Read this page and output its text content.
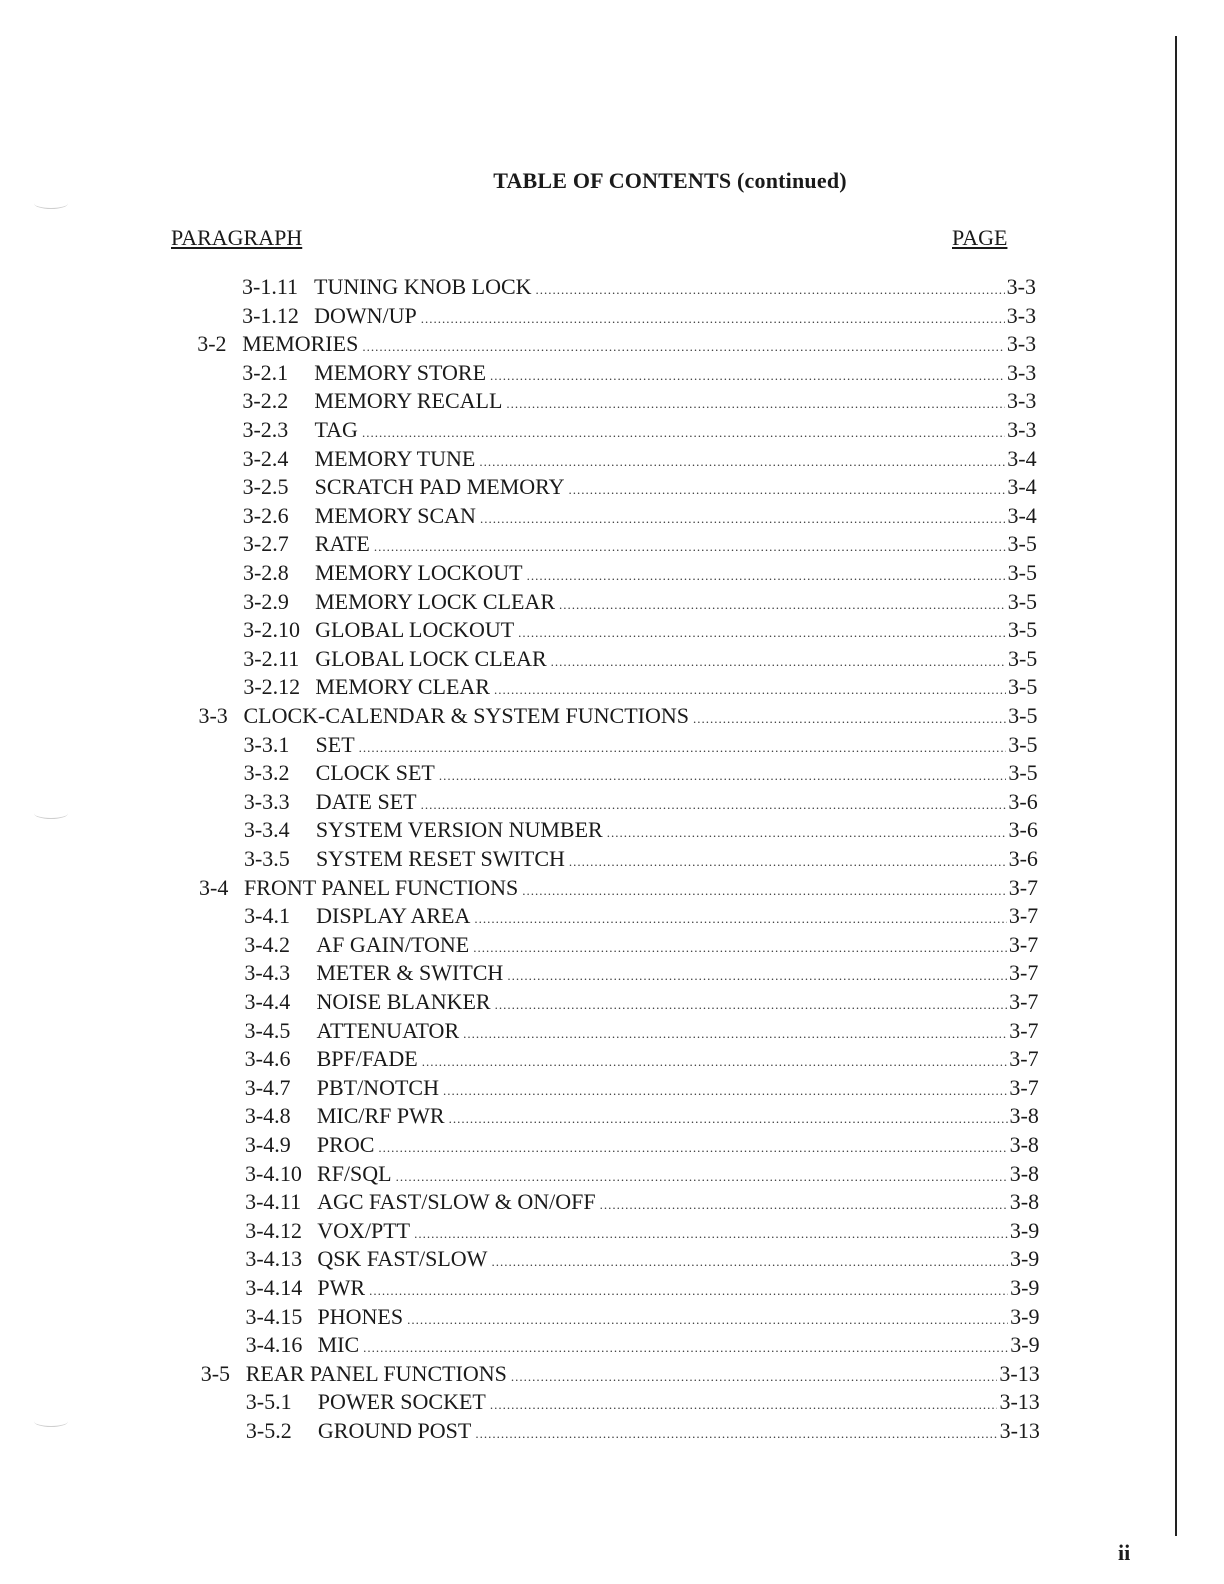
TABLE OF CONTENTS (continued)
PARAGRAPH	PAGE
3-1.11 TUNING KNOB LOCK .....	3-3
3-1.12 DOWN/UP .....	3-3
3-2 MEMORIES .....	3-3
3-2.1	MEMORY STORE .....	3-3
3-2.2	MEMORY RECALL .....	3-3
3-2.3	TAG .....	3-3
3-2.4	MEMORY TUNE .....	3-4
3-2.5	SCRATCH PAD MEMORY .....	3-4
3-2.6	MEMORY SCAN .....	3-4
3-2.7	RATE .....	3-5
3-2.8	MEMORY LOCKOUT .....	3-5
3-2.9	MEMORY LOCK CLEAR .....	3-5
3-2.10 GLOBAL LOCKOUT .....	3-5
3-2.11 GLOBAL LOCK CLEAR .....	3-5
3-2.12 MEMORY CLEAR .....	3-5
3-3 CLOCK-CALENDAR & SYSTEM FUNCTIONS .....	3-5
3-3.1	SET .....	3-5
3-3.2	CLOCK SET .....	3-5
3-3.3	DATE SET .....	3-6
3-3.4	SYSTEM VERSION NUMBER .....	3-6
3-3.5	SYSTEM RESET SWITCH .....	3-6
3-4 FRONT PANEL FUNCTIONS .....	3-7
3-4.1	DISPLAY AREA .....	3-7
3-4.2	AF GAIN/TONE .....	3-7
3-4.3	METER & SWITCH .....	3-7
3-4.4	NOISE BLANKER .....	3-7
3-4.5	ATTENUATOR .....	3-7
3-4.6	BPF/FADE .....	3-7
3-4.7	PBT/NOTCH .....	3-7
3-4.8	MIC/RF PWR .....	3-8
3-4.9	PROC .....	3-8
3-4.10 RF/SQL .....	3-8
3-4.11 AGC FAST/SLOW & ON/OFF .....	3-8
3-4.12 VOX/PTT .....	3-9
3-4.13 QSK FAST/SLOW .....	3-9
3-4.14 PWR .....	3-9
3-4.15 PHONES .....	3-9
3-4.16 MIC .....	3-9
3-5 REAR PANEL FUNCTIONS .....	3-13
3-5.1	POWER SOCKET .....	3-13
3-5.2	GROUND POST .....	3-13
ii
